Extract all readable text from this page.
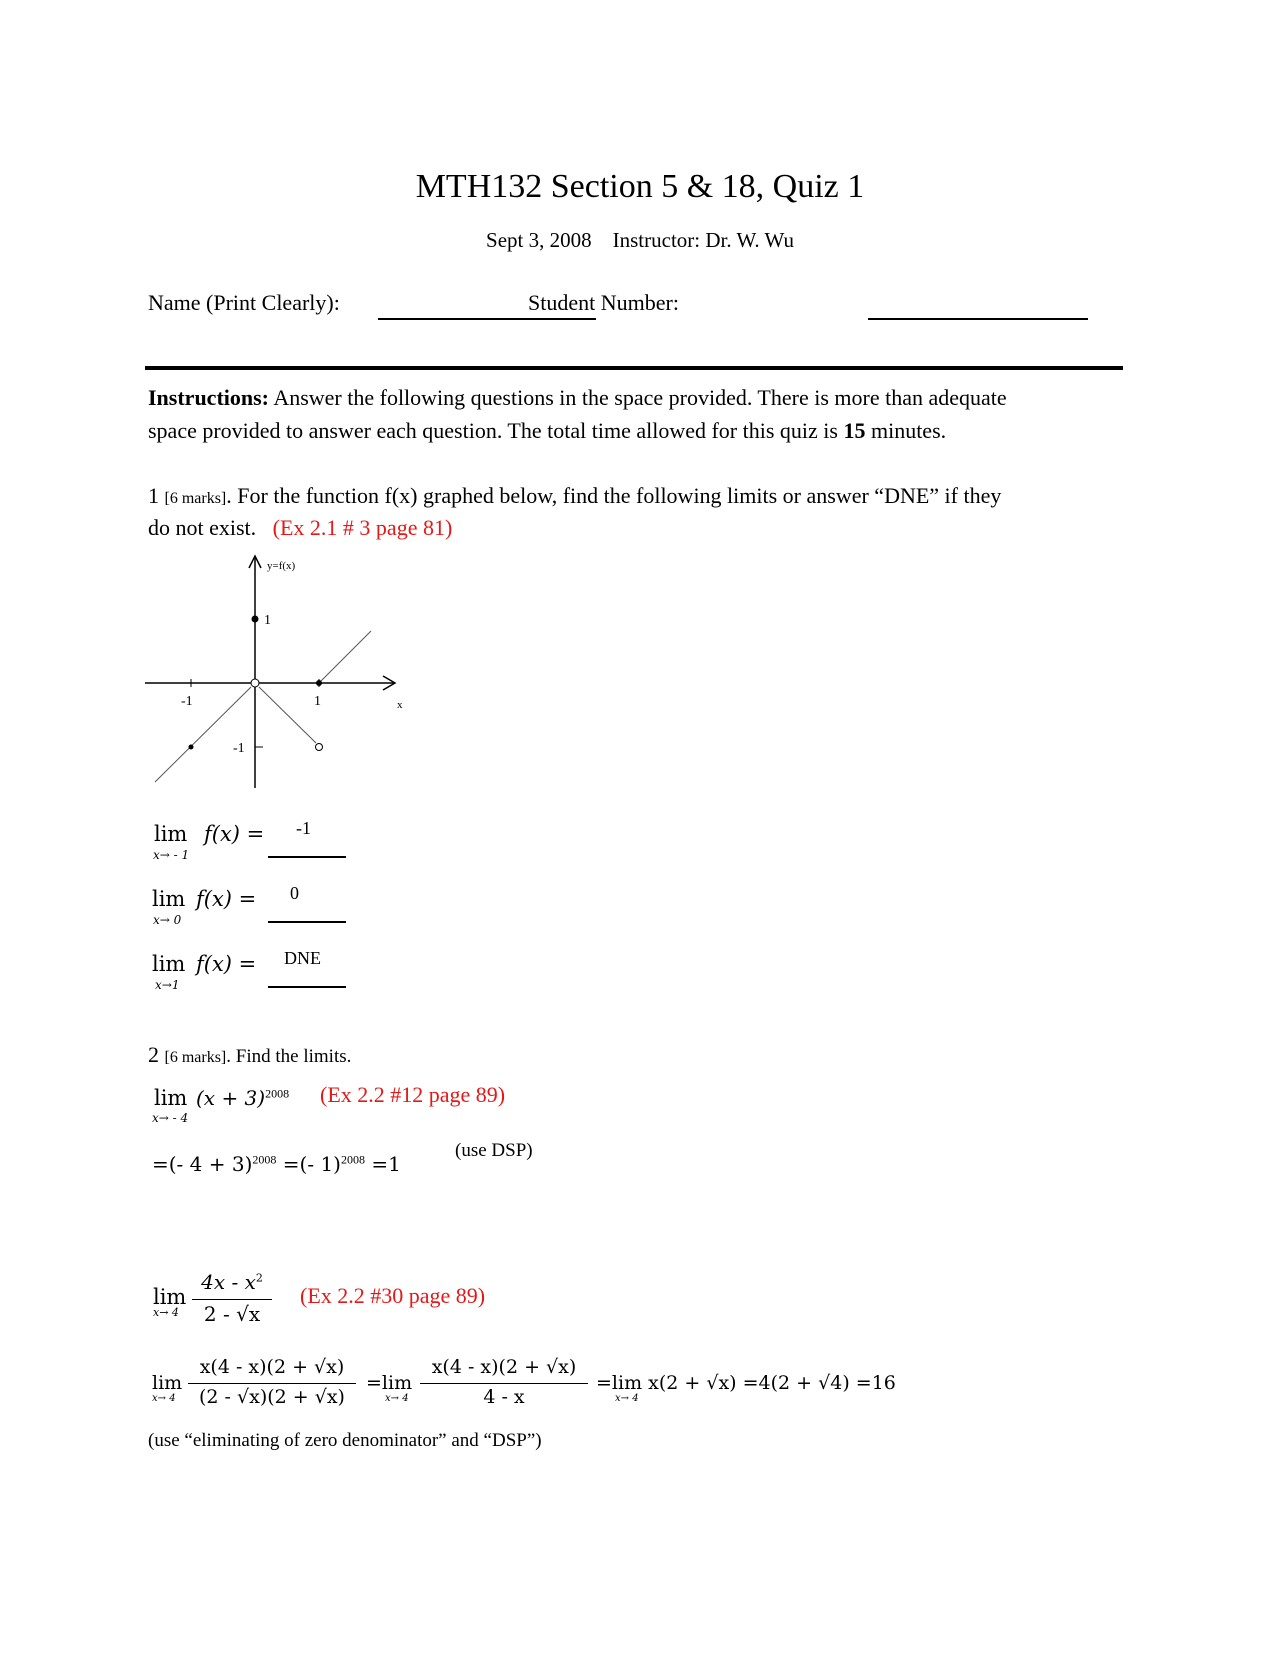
MTH132 Section 5 & 18, Quiz 1
Sept 3, 2008 Instructor: Dr. W. Wu
Name (Print Clearly):	Student Number:
Instructions: Answer the following questions in the space provided. There is more than adequate
space provided to answer each question. The total time allowed for this quiz is 15 minutes.
1 [6 marks]. For the function f(x) graphed below, find the following limits or answer “DNE” if they
do not exist. (Ex 2.1 # 3 page 81)
y=f(x)
1
-1
-1	1	x
lim
x→ - 1
f(x) = -1
lim
x→ 0
f(x) = 0
lim
x→1
f(x) = DNE
2 [6 marks]. Find the limits.
lim
x→ - 4
$(x + 3)^{2008}$ (Ex 2.2 #12 page 89)
=(- 4 + 3)$^{2008}$ =(- 1)$^{2008}$ =1
(use DSP)
lim
x→ 4
$4x - x^2$
2 - √x
(Ex 2.2 #30 page 89)
lim
x→ 4
x(4 - x)(2 + √x)
(2 - √x)(2 + √x)
=lim
x→ 4
x(4 - x)(2 + √x)
4 - x
=lim x(2 + √x) =4(2 + √4) =16
x→ 4
(use “eliminating of zero denominator” and “DSP”)
